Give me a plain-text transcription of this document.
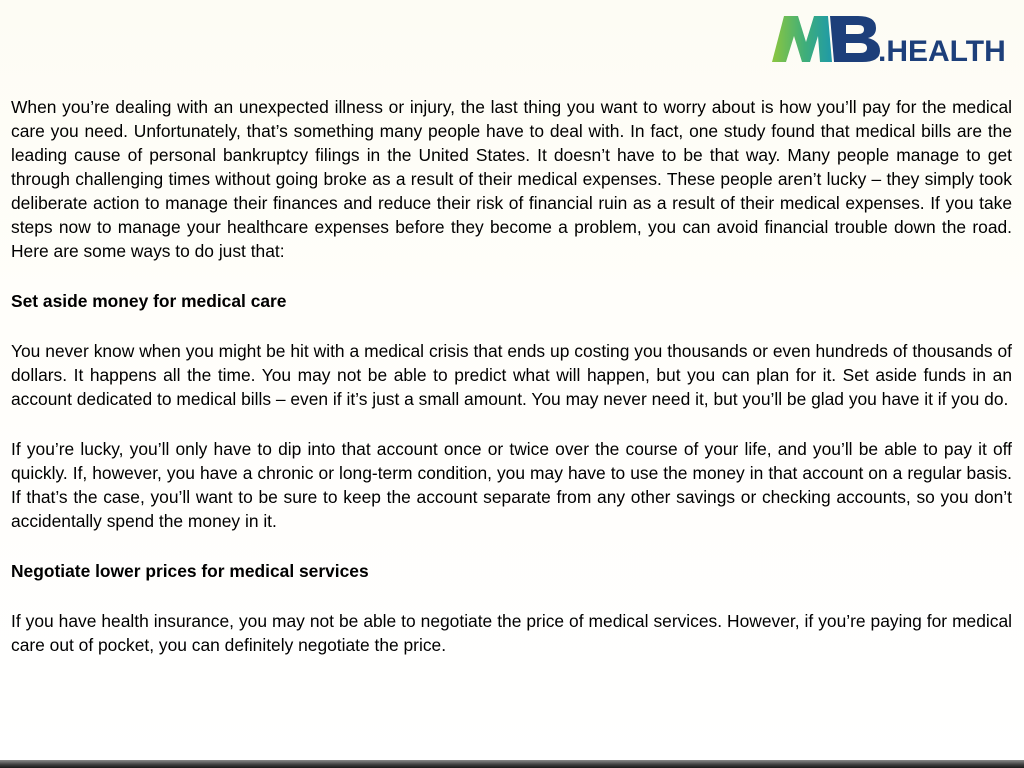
.HEALTH

When you’re dealing with an unexpected illness or injury, the last thing you want to worry about is how you’ll pay for the medical care you need. Unfortunately, that’s something many people have to deal with. In fact, one study found that medical bills are the leading cause of personal bankruptcy filings in the United States. It doesn’t have to be that way. Many people manage to get through challenging times without going broke as a result of their medical expenses. These people aren’t lucky – they simply took deliberate action to manage their finances and reduce their risk of financial ruin as a result of their medical expenses. If you take steps now to manage your healthcare expenses before they become a problem, you can avoid financial trouble down the road. Here are some ways to do just that:

Set aside money for medical care

You never know when you might be hit with a medical crisis that ends up costing you thousands or even hundreds of thousands of dollars. It happens all the time. You may not be able to predict what will happen, but you can plan for it. Set aside funds in an account dedicated to medical bills – even if it’s just a small amount. You may never need it, but you’ll be glad you have it if you do.

If you’re lucky, you’ll only have to dip into that account once or twice over the course of your life, and you’ll be able to pay it off quickly. If, however, you have a chronic or long-term condition, you may have to use the money in that account on a regular basis. If that’s the case, you’ll want to be sure to keep the account separate from any other savings or checking accounts, so you don’t accidentally spend the money in it.

Negotiate lower prices for medical services

If you have health insurance, you may not be able to negotiate the price of medical services. However, if you’re paying for medical care out of pocket, you can definitely negotiate the price.
